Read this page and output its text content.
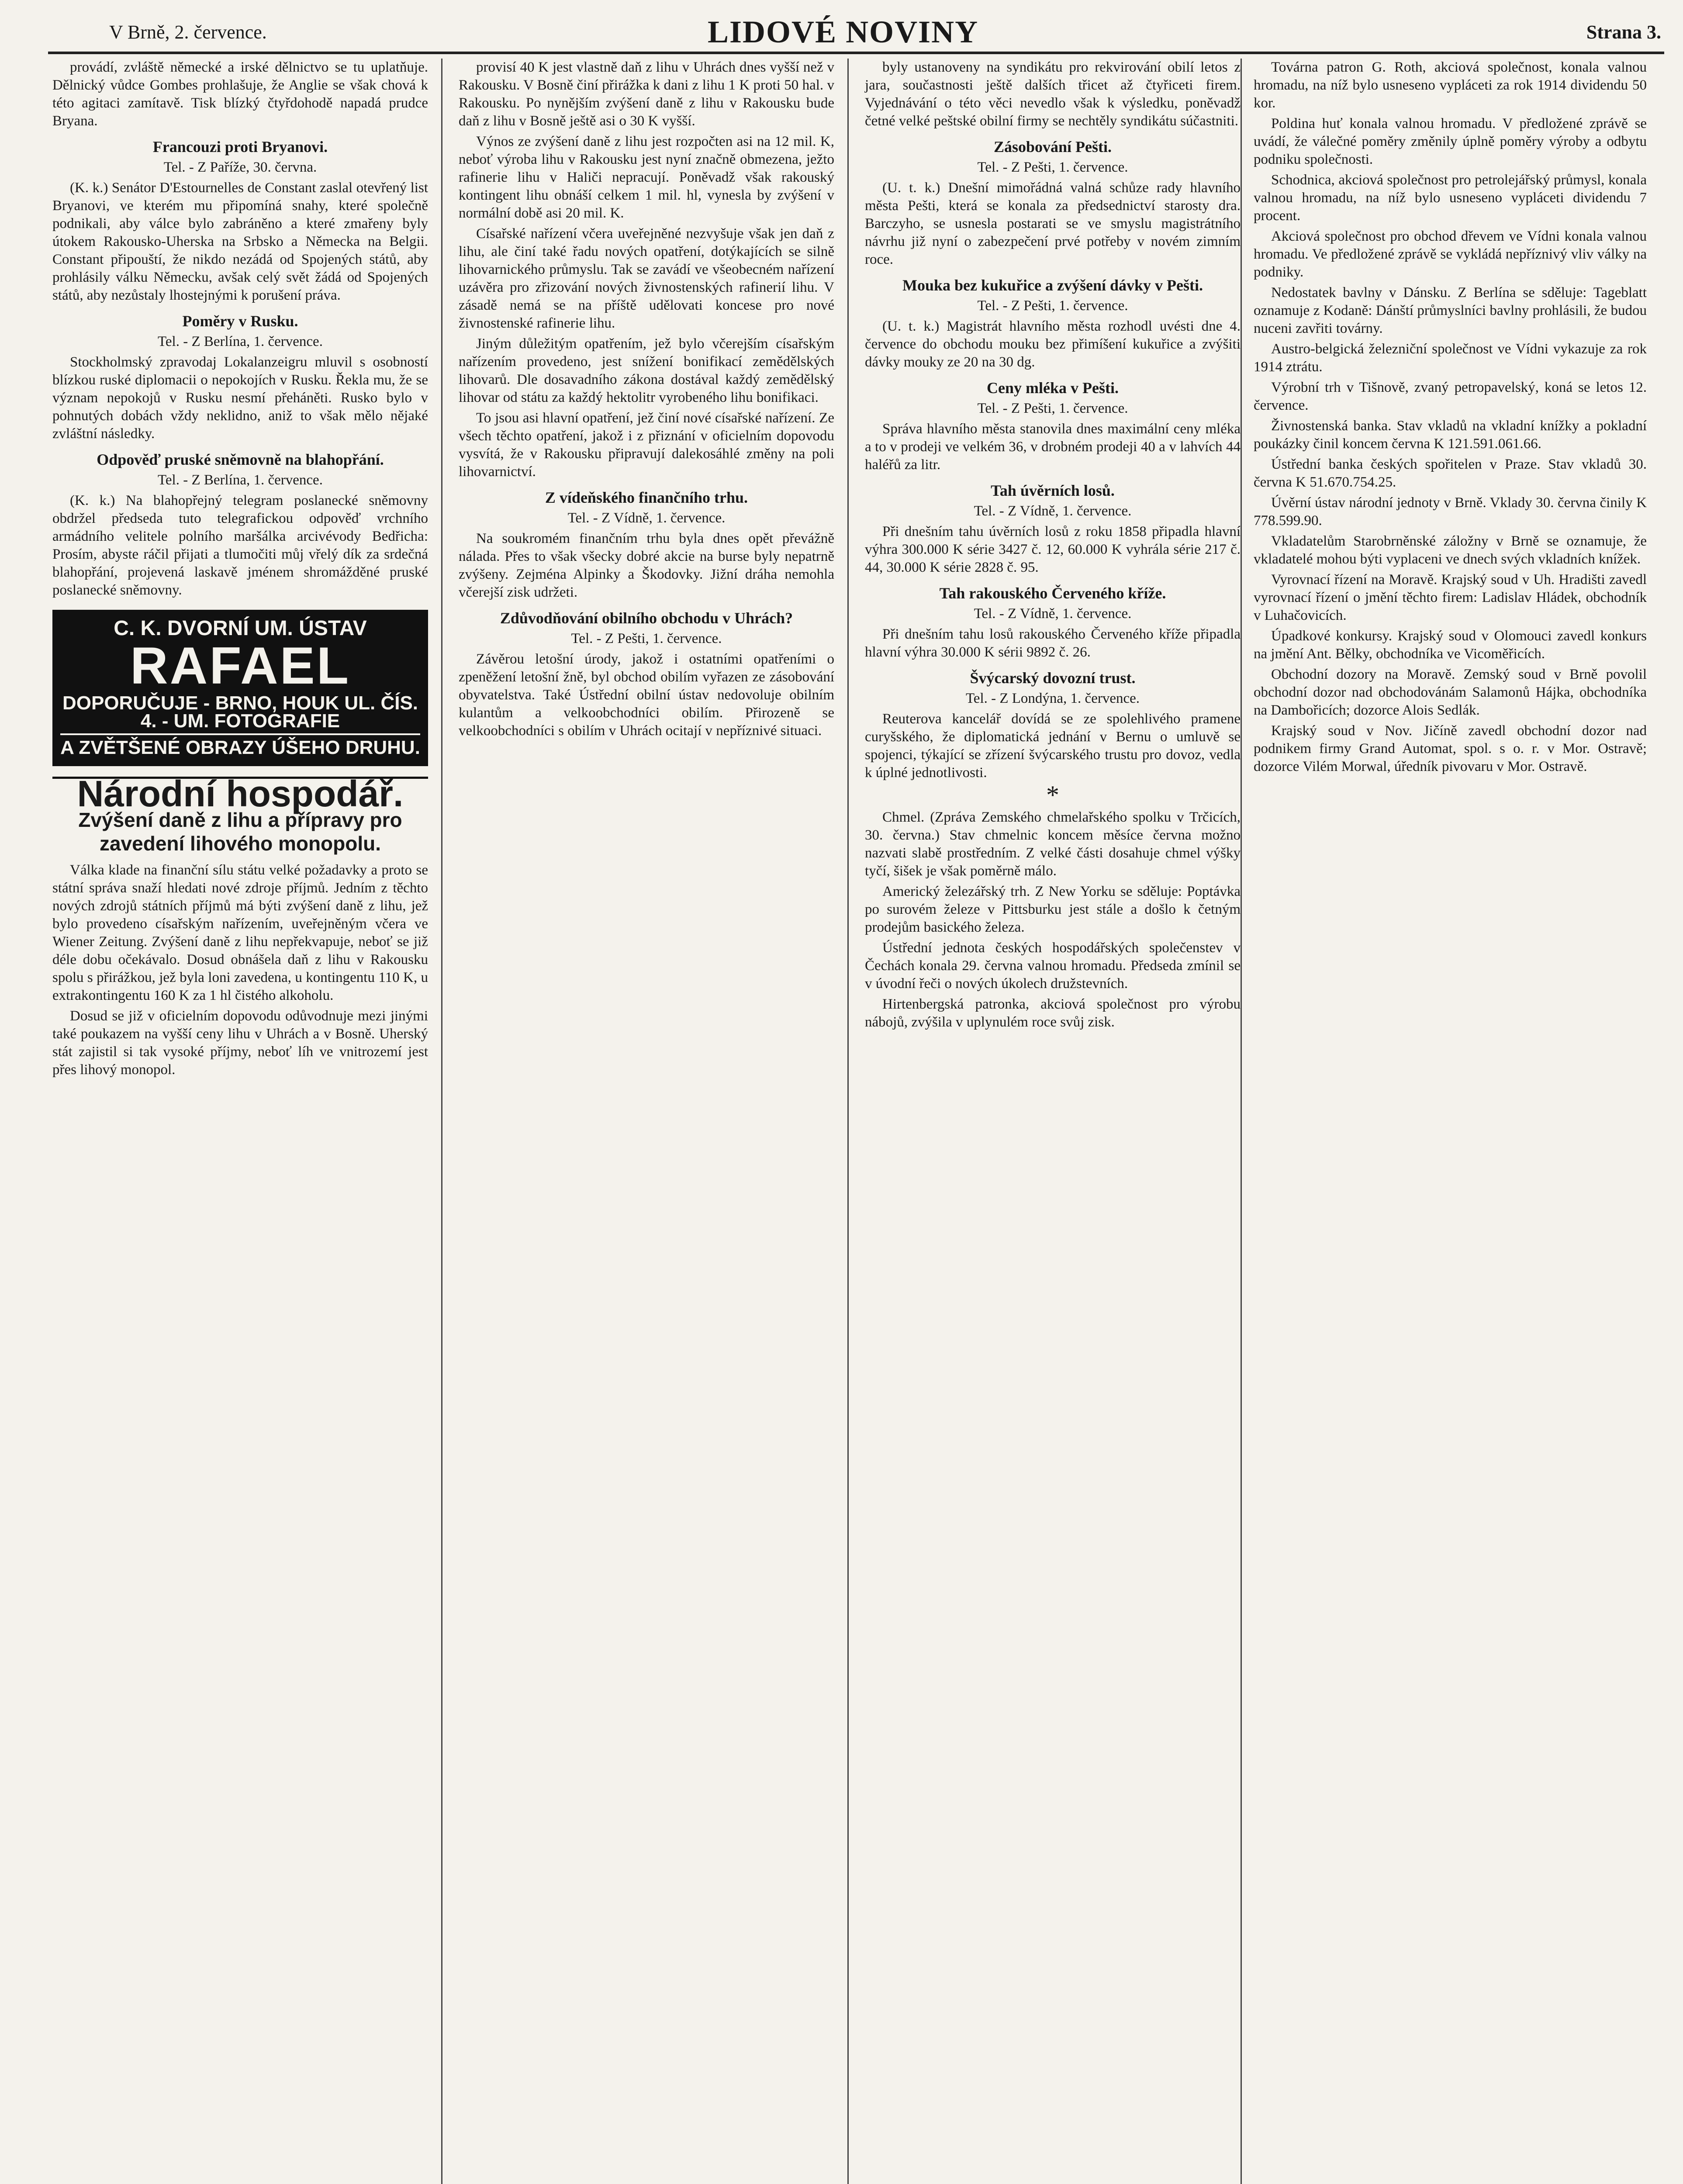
V Brně, 2. července.	LIDOVÉ NOVINY	Strana 3.

provádí, zvláště německé a irské dělnictvo se tu uplatňuje. Dělnický vůdce Gombes prohlašuje, že Anglie se však chová k této agitaci zamítavě. Tisk blízký čtyřdohodě napadá prudce Bryana.

Francouzi proti Bryanovi.
Tel. - Z Paříže, 30. června.

(K. k.) Senátor D'Estournelles de Constant zaslal otevřený list Bryanovi, ve kterém mu připomíná snahy, které společně podnikali, aby válce bylo zabráněno a které zmařeny byly útokem Rakousko-Uherska na Srbsko a Německa na Belgii. Constant připouští, že nikdo nezádá od Spojených států, aby prohlásily válku Německu, avšak celý svět žádá od Spojených států, aby nezůstaly lhostejnými k porušení práva.

Poměry v Rusku.
Tel. - Z Berlína, 1. července.

Stockholmský zpravodaj Lokalanzeigru mluvil s osobností blízkou ruské diplomacii o nepokojích v Rusku. Řekla mu, že se význam nepokojů v Rusku nesmí přeháněti. Rusko bylo v pohnutých dobách vždy neklidno, aniž to však mělo nějaké zvláštní následky.

Odpověď pruské sněmovně na blahopřání.
Tel. - Z Berlína, 1. července.

(K. k.) Na blahopřejný telegram poslanecké sněmovny obdržel předseda tuto telegrafickou odpověď vrchního armádního velitele polního maršálka arcivévody Bedřicha: Prosím, abyste ráčil přijati a tlumočiti můj vřelý dík za srdečná blahopřání, projevená laskavě jménem shromážděné pruské poslanecké sněmovny.

C. K. DVORNÍ UM. ÚSTAV
RAFAEL
DOPORUČUJE - BRNO, HOUK UL. ČÍS. 4. - UM. FOTOGRAFIE
A ZVĚTŠENÉ OBRAZY ÚŠEHO DRUHU.
Národní hospodář.
Zvýšení daně z lihu a přípravy pro zavedení lihového monopolu.

Válka klade na finanční sílu státu velké požadavky a proto se státní správa snaží hledati nové zdroje příjmů. Jedním z těchto nových zdrojů státních příjmů má býti zvýšení daně z lihu, jež bylo provedeno císařským nařízením, uveřejněným včera ve Wiener Zeitung. Zvýšení daně z lihu nepřekvapuje, neboť se již déle dobu očekávalo. Dosud obnášela daň z lihu v Rakousku spolu s přirážkou, jež byla loni zavedena, u kontingentu 110 K, u extrakontingentu 160 K za 1 hl čistého alkoholu.

Dosud se již v oficielním dopovodu odůvodnuje mezi jinými také poukazem na vyšší ceny lihu v Uhrách a v Bosně. Uherský stát zajistil si tak vysoké příjmy, neboť líh ve vnitrozemí jest přes lihový monopol.

provisí 40 K jest vlastně daň z lihu v Uhrách dnes vyšší než v Rakousku. V Bosně činí přirážka k dani z lihu 1 K proti 50 hal. v Rakousku. Po nynějším zvýšení daně z lihu v Rakousku bude daň z lihu v Bosně ještě asi o 30 K vyšší.

Výnos ze zvýšení daně z lihu jest rozpočten asi na 12 mil. K, neboť výroba lihu v Rakousku jest nyní značně obmezena, ježto rafinerie lihu v Haliči nepracují. Poněvadž však rakouský kontingent lihu obnáší celkem 1 mil. hl, vynesla by zvýšení v normální době asi 20 mil. K.

Císařské nařízení včera uveřejněné nezvyšuje však jen daň z lihu, ale činí také řadu nových opatření, dotýkajících se silně lihovarnického průmyslu. Tak se zavádí ve všeobecném nařízení uzávěra pro zřizování nových živnostenských rafinerií lihu. V zásadě nemá se na příště udělovati koncese pro nové živnostenské rafinerie lihu.

Jiným důležitým opatřením, jež bylo včerejším císařským nařízením provedeno, jest snížení bonifikací zemědělských lihovarů. Dle dosavadního zákona dostával každý zemědělský lihovar od státu za každý hektolitr vyrobeného lihu bonifikaci.

To jsou asi hlavní opatření, jež činí nové císařské nařízení. Ze všech těchto opatření, jakož i z přiznání v oficielním dopovodu vysvítá, že v Rakousku připravují dalekosáhlé změny na poli lihovarnictví.

Z vídeňského finančního trhu.
Tel. - Z Vídně, 1. července.

Na soukromém finančním trhu byla dnes opět převážně nálada. Přes to však všecky dobré akcie na burse byly nepatrně zvýšeny. Zejména Alpinky a Škodovky. Jižní dráha nemohla včerejší zisk udržeti.

Zdůvodňování obilního obchodu v Uhrách?
Tel. - Z Pešti, 1. července.

Závěrou letošní úrody, jakož i ostatními opatřeními o zpeněžení letošní žně, byl obchod obilím vyřazen ze zásobování obyvatelstva. Také Ústřední obilní ústav nedovoluje obilním kulantům a velkoobchodníci obilím. Přirozeně se velkoobchodníci s obilím v Uhrách ocitají v nepříznivé situaci.

byly ustanoveny na syndikátu pro rekvirování obilí letos z jara, součastnosti ještě dalších třicet až čtyřiceti firem. Vyjednávání o této věci nevedlo však k výsledku, poněvadž četné velké peštské obilní firmy se nechtěly syndikátu súčastniti.

Zásobování Pešti.
Tel. - Z Pešti, 1. července.

(U. t. k.) Dnešní mimořádná valná schůze rady hlavního města Pešti, která se konala za předsednictví starosty dra. Barczyho, se usnesla postarati se ve smyslu magistrátního návrhu již nyní o zabezpečení prvé potřeby v novém zimním roce.

Mouka bez kukuřice a zvýšení dávky v Pešti.
Tel. - Z Pešti, 1. července.

(U. t. k.) Magistrát hlavního města rozhodl uvésti dne 4. července do obchodu mouku bez přimíšení kukuřice a zvýšiti dávky mouky ze 20 na 30 dg.

Ceny mléka v Pešti.
Tel. - Z Pešti, 1. července.

Správa hlavního města stanovila dnes maximální ceny mléka a to v prodeji ve velkém 36, v drobném prodeji 40 a v lahvích 44 haléřů za litr.

Tah úvěrních losů.
Tel. - Z Vídně, 1. července.

Při dnešním tahu úvěrních losů z roku 1858 připadla hlavní výhra 300.000 K série 3427 č. 12, 60.000 K vyhrála série 217 č. 44, 30.000 K série 2828 č. 95.

Tah rakouského Červeného kříže.
Tel. - Z Vídně, 1. července.

Při dnešním tahu losů rakouského Červeného kříže připadla hlavní výhra 30.000 K sérii 9892 č. 26.

Švýcarský dovozní trust.
Tel. - Z Londýna, 1. července.

Reuterova kancelář dovídá se ze spolehlivého pramene curyšského, že diplomatická jednání v Bernu o umluvě se spojenci, týkající se zřízení švýcarského trustu pro dovoz, vedla k úplné jednotlivosti.

*

Chmel. (Zpráva Zemského chmelařského spolku v Trčicích, 30. června.) Stav chmelnic koncem měsíce června možno nazvati slabě prostředním. Z velké části dosahuje chmel výšky tyčí, šišek je však poměrně málo.

Americký železářský trh. Z New Yorku se sděluje: Poptávka po surovém železe v Pittsburku jest stále a došlo k četným prodejům basického železa.

Ústřední jednota českých hospodářských společenstev v Čechách konala 29. června valnou hromadu. Předseda zmínil se v úvodní řeči o nových úkolech družstevních.

Hirtenbergská patronka, akciová společnost pro výrobu nábojů, zvýšila v uplynulém roce svůj zisk.

Továrna patron G. Roth, akciová společnost, konala valnou hromadu, na níž bylo usneseno vypláceti za rok 1914 dividendu 50 kor.

Poldina huť konala valnou hromadu. V předložené zprávě se uvádí, že válečné poměry změnily úplně poměry výroby a odbytu podniku společnosti.

Schodnica, akciová společnost pro petrolejářský průmysl, konala valnou hromadu, na níž bylo usneseno vypláceti dividendu 7 procent.

Akciová společnost pro obchod dřevem ve Vídni konala valnou hromadu. Ve předložené zprávě se vykládá nepříznivý vliv války na podniky.

Nedostatek bavlny v Dánsku. Z Berlína se sděluje: Tageblatt oznamuje z Kodaně: Dánští průmyslníci bavlny prohlásili, že budou nuceni zavřiti továrny.

Austro-belgická železniční společnost ve Vídni vykazuje za rok 1914 ztrátu.

Výrobní trh v Tišnově, zvaný petropavelský, koná se letos 12. července.

Živnostenská banka. Stav vkladů na vkladní knížky a pokladní poukázky činil koncem června K 121.591.061.66.

Ústřední banka českých spořitelen v Praze. Stav vkladů 30. června K 51.670.754.25.

Úvěrní ústav národní jednoty v Brně. Vklady 30. června činily K 778.599.90.

Vkladatelům Starobrněnské záložny v Brně se oznamuje, že vkladatelé mohou býti vyplaceni ve dnech svých vkladních knížek.

Vyrovnací řízení na Moravě. Krajský soud v Uh. Hradišti zavedl vyrovnací řízení o jmění těchto firem: Ladislav Hládek, obchodník v Luhačovicích.

Úpadkové konkursy. Krajský soud v Olomouci zavedl konkurs na jmění Ant. Bělky, obchodníka ve Vicoměřicích.

Obchodní dozory na Moravě. Zemský soud v Brně povolil obchodní dozor nad obchodovánám Salamonů Hájka, obchodníka na Dambořicích; dozorce Alois Sedlák.

Krajský soud v Nov. Jičíně zavedl obchodní dozor nad podnikem firmy Grand Automat, spol. s o. r. v Mor. Ostravě; dozorce Vilém Morwal, úředník pivovaru v Mor. Ostravě.
